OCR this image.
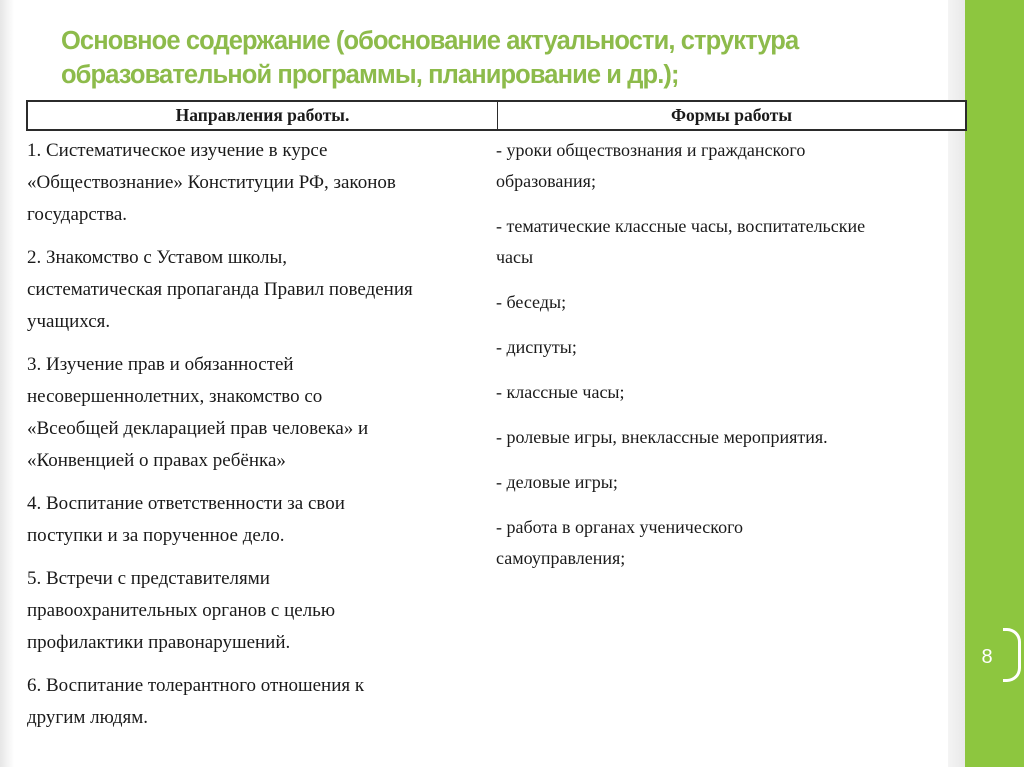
8
Основное содержание (обоснование актуальности, структура образовательной программы, планирование и др.);
Направления работы.	Формы работы
1. Систематическое изучение в курсе
«Обществознание» Конституции РФ, законов
государства.
2. Знакомство с Уставом школы,
систематическая пропаганда Правил поведения
учащихся.
3. Изучение прав и обязанностей
несовершеннолетних, знакомство со
«Всеобщей декларацией прав человека» и
«Конвенцией о правах ребёнка»
4. Воспитание ответственности за свои
поступки и за порученное дело.
5. Встречи с представителями
правоохранительных органов с целью
профилактики правонарушений.
6. Воспитание толерантного отношения к
другим людям.
- уроки обществознания и гражданского
образования;
- тематические классные часы, воспитательские
часы
- беседы;
- диспуты;
- классные часы;
- ролевые игры, внеклассные мероприятия.
- деловые игры;
- работа в органах ученического
самоуправления;
